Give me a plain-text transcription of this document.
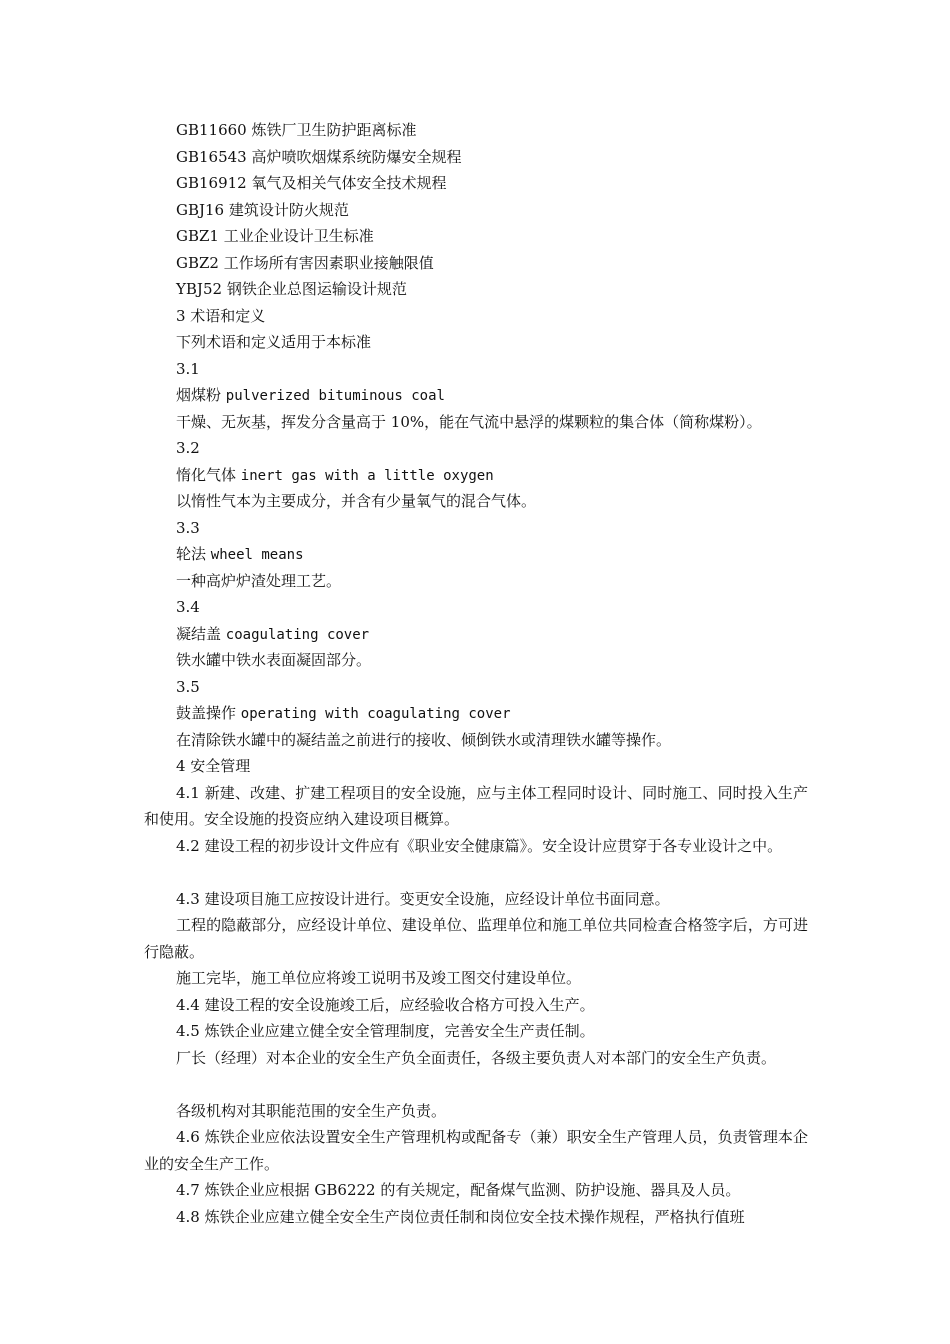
GB11660 炼铁厂卫生防护距离标准
GB16543 高炉喷吹烟煤系统防爆安全规程
GB16912 氧气及相关气体安全技术规程
GBJ16 建筑设计防火规范
GBZ1 工业企业设计卫生标准
GBZ2 工作场所有害因素职业接触限值
YBJ52 钢铁企业总图运输设计规范
3 术语和定义
下列术语和定义适用于本标准
3.1
烟煤粉 pulverized bituminous coal
干燥、无灰基，挥发分含量高于 10%，能在气流中悬浮的煤颗粒的集合体（简称煤粉）。
3.2
惰化气体 inert gas with a little oxygen
以惰性气本为主要成分，并含有少量氧气的混合气体。
3.3
轮法 wheel means
一种高炉炉渣处理工艺。
3.4
凝结盖 coagulating cover
铁水罐中铁水表面凝固部分。
3.5
鼓盖操作 operating with coagulating cover
在清除铁水罐中的凝结盖之前进行的接收、倾倒铁水或清理铁水罐等操作。
4 安全管理
4.1 新建、改建、扩建工程项目的安全设施，应与主体工程同时设计、同时施工、同时投入生产和使用。安全设施的投资应纳入建设项目概算。
4.2 建设工程的初步设计文件应有《职业安全健康篇》。安全设计应贯穿于各专业设计之中。
4.3 建设项目施工应按设计进行。变更安全设施，应经设计单位书面同意。
工程的隐蔽部分，应经设计单位、建设单位、监理单位和施工单位共同检查合格签字后，方可进行隐蔽。
施工完毕，施工单位应将竣工说明书及竣工图交付建设单位。
4.4 建设工程的安全设施竣工后，应经验收合格方可投入生产。
4.5 炼铁企业应建立健全安全管理制度，完善安全生产责任制。
厂长（经理）对本企业的安全生产负全面责任，各级主要负责人对本部门的安全生产负责。
各级机构对其职能范围的安全生产负责。
4.6 炼铁企业应依法设置安全生产管理机构或配备专（兼）职安全生产管理人员，负责管理本企业的安全生产工作。
4.7 炼铁企业应根据 GB6222 的有关规定，配备煤气监测、防护设施、器具及人员。
4.8 炼铁企业应建立健全安全生产岗位责任制和岗位安全技术操作规程，严格执行值班
